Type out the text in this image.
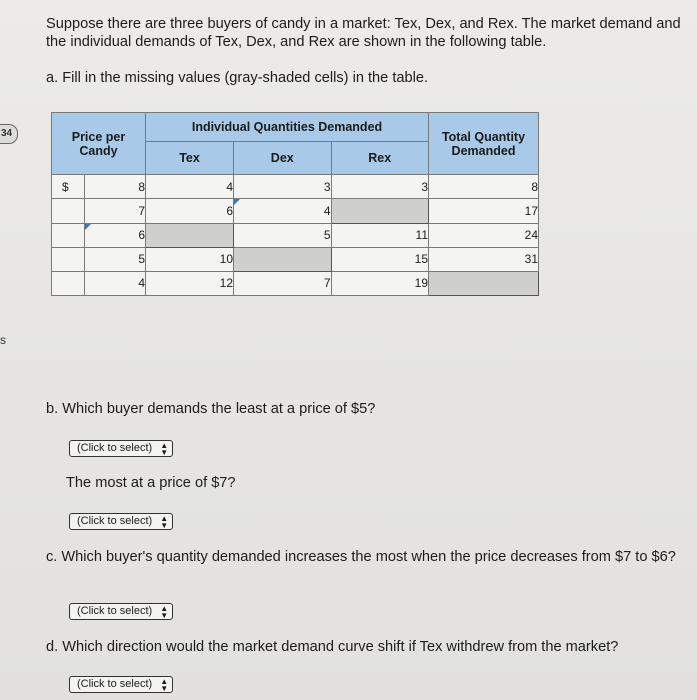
34
s
Suppose there are three buyers of candy in a market: Tex, Dex, and Rex. The market demand and the individual demands of Tex, Dex, and Rex are shown in the following table.
a. Fill in the missing values (gray-shaded cells) in the table.
Price per Candy		Individual Quantities Demanded			Total Quantity Demanded
		Tex	Dex	Rex	
$	8	4	3	3	8
	7	6	4		17
	6		5	11	24
	5	10		15	31
	4	12	7	19	
b. Which buyer demands the least at a price of $5?
(Click to select) ▲
▼
The most at a price of $7?
(Click to select) ▲
▼
c. Which buyer's quantity demanded increases the most when the price decreases from $7 to $6?
(Click to select) ▲
▼
d. Which direction would the market demand curve shift if Tex withdrew from the market?
(Click to select) ▲
▼
